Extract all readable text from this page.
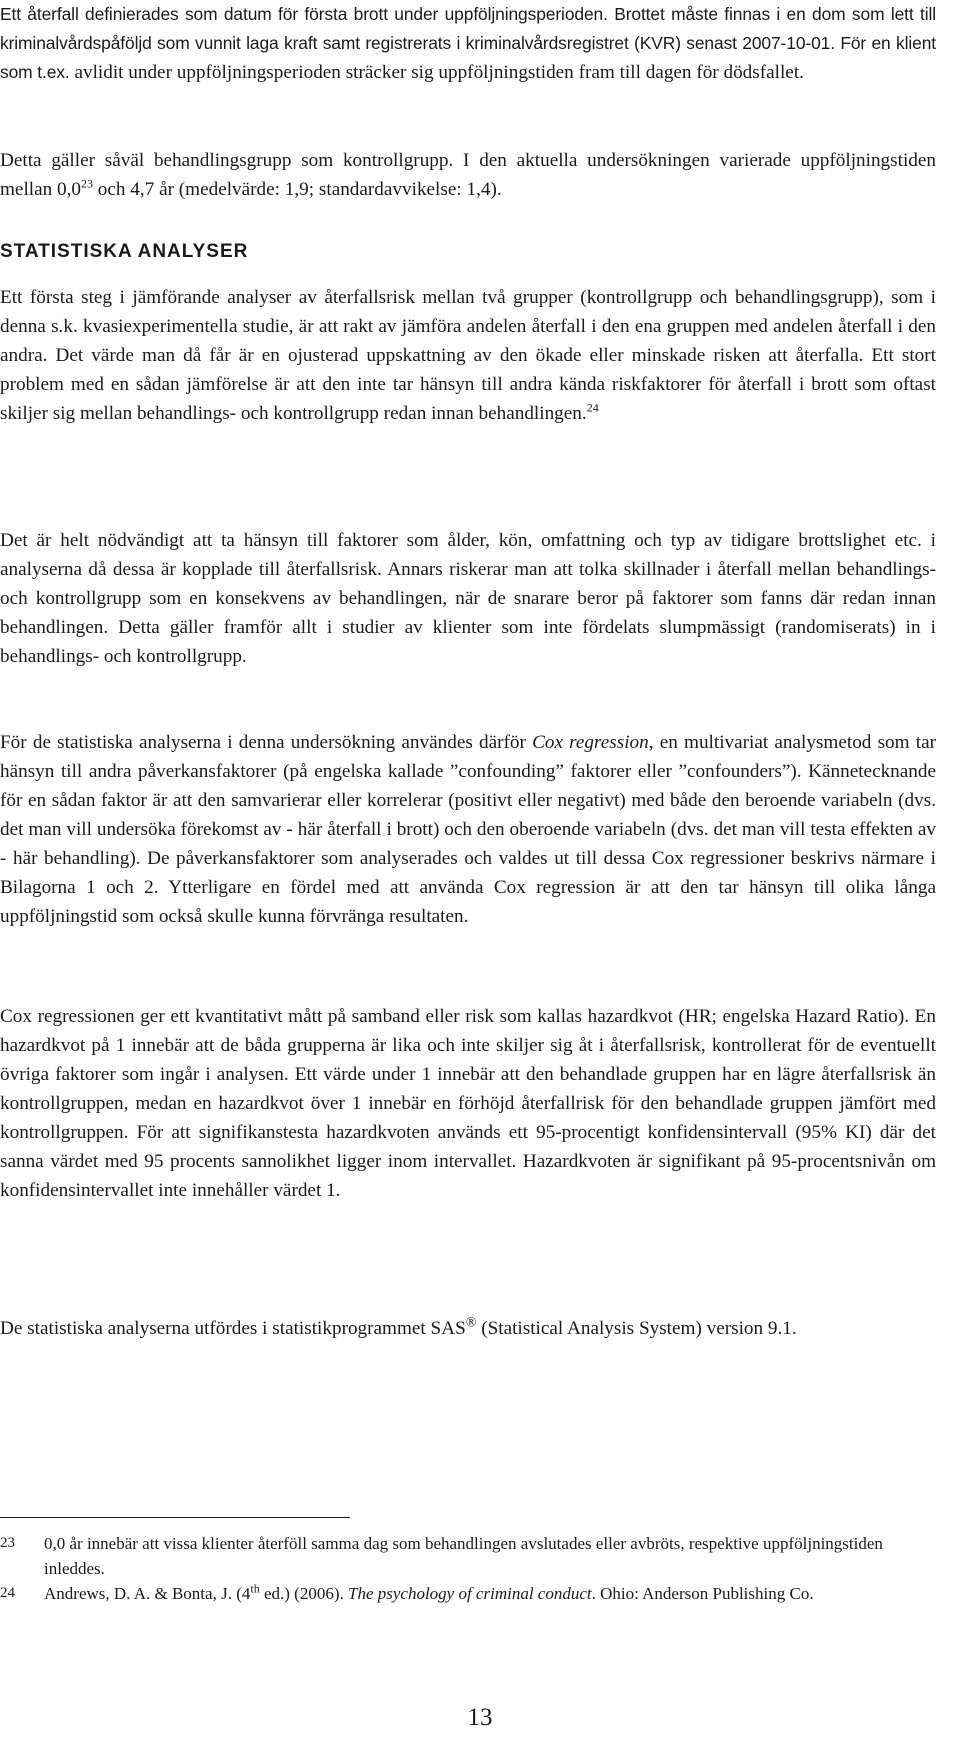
Ett återfall definierades som datum för första brott under uppföljningsperioden. Brottet måste finnas i en dom som lett till kriminalvårdspåföljd som vunnit laga kraft samt registrerats i kriminalvårdsregistret (KVR) senast 2007-10-01. För en klient som t.ex. avlidit under uppföljningsperioden sträcker sig uppföljningstiden fram till dagen för dödsfallet.

Detta gäller såväl behandlingsgrupp som kontrollgrupp. I den aktuella undersökningen varierade uppföljningstiden mellan $0,0^{23}$ och 4,7 år (medelvärde: 1,9; standardavvikelse: 1,4).

STATISTISKA ANALYSER

Ett första steg i jämförande analyser av återfallsrisk mellan två grupper (kontrollgrupp och behandlingsgrupp), som i denna s.k. kvasiexperimentella studie, är att rakt av jämföra andelen återfall i den ena gruppen med andelen återfall i den andra. Det värde man då får är en ojusterad uppskattning av den ökade eller minskade risken att återfalla. Ett stort problem med en sådan jämförelse är att den inte tar hänsyn till andra kända riskfaktorer för återfall i brott som oftast skiljer sig mellan behandlings- och kontrollgrupp redan innan behandlingen.$^{24}$

Det är helt nödvändigt att ta hänsyn till faktorer som ålder, kön, omfattning och typ av tidigare brottslighet etc. i analyserna då dessa är kopplade till återfallsrisk. Annars riskerar man att tolka skillnader i återfall mellan behandlings- och kontrollgrupp som en konsekvens av behandlingen, när de snarare beror på faktorer som fanns där redan innan behandlingen. Detta gäller framför allt i studier av klienter som inte fördelats slumpmässigt (randomiserats) in i behandlings- och kontrollgrupp.

För de statistiska analyserna i denna undersökning användes därför Cox regression, en multivariat analysmetod som tar hänsyn till andra påverkansfaktorer (på engelska kallade ”confounding” faktorer eller ”confounders”). Kännetecknande för en sådan faktor är att den samvarierar eller korrelerar (positivt eller negativt) med både den beroende variabeln (dvs. det man vill undersöka förekomst av - här återfall i brott) och den oberoende variabeln (dvs. det man vill testa effekten av - här behandling). De påverkansfaktorer som analyserades och valdes ut till dessa Cox regressioner beskrivs närmare i Bilagorna 1 och 2. Ytterligare en fördel med att använda Cox regression är att den tar hänsyn till olika långa uppföljningstid som också skulle kunna förvränga resultaten.

Cox regressionen ger ett kvantitativt mått på samband eller risk som kallas hazardkvot (HR; engelska Hazard Ratio). En hazardkvot på 1 innebär att de båda grupperna är lika och inte skiljer sig åt i återfallsrisk, kontrollerat för de eventuellt övriga faktorer som ingår i analysen. Ett värde under 1 innebär att den behandlade gruppen har en lägre återfallsrisk än kontrollgruppen, medan en hazardkvot över 1 innebär en förhöjd återfallrisk för den behandlade gruppen jämfört med kontrollgruppen. För att signifikanstesta hazardkvoten används ett 95-procentigt konfidensintervall (95% KI) där det sanna värdet med 95 procents sannolikhet ligger inom intervallet. Hazardkvoten är signifikant på 95-procentsnivån om konfidensintervallet inte innehåller värdet 1.

De statistiska analyserna utfördes i statistikprogrammet SAS® (Statistical Analysis System) version 9.1.

23 0,0 år innebär att vissa klienter återföll samma dag som behandlingen avslutades eller avbröts, respektive uppföljningstiden inleddes.
24 Andrews, D. A. & Bonta, J. (4th ed.) (2006). The psychology of criminal conduct. Ohio: Anderson Publishing Co.
13
